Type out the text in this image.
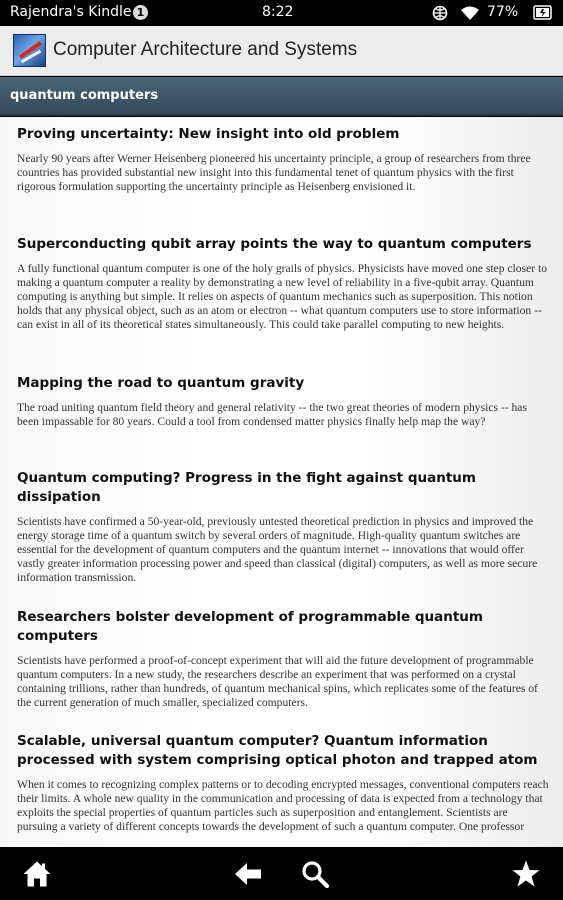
Rajendra's Kindle 1	8:22	77%
Computer Architecture and Systems
quantum computers
Proving uncertainty: New insight into old problem

Nearly 90 years after Werner Heisenberg pioneered his uncertainty principle, a group of researchers from three countries has provided substantial new insight into this fundamental tenet of quantum physics with the first rigorous formulation supporting the uncertainty principle as Heisenberg envisioned it.

Superconducting qubit array points the way to quantum computers

A fully functional quantum computer is one of the holy grails of physics. Physicists have moved one step closer to making a quantum computer a reality by demonstrating a new level of reliability in a five-qubit array. Quantum computing is anything but simple. It relies on aspects of quantum mechanics such as superposition. This notion holds that any physical object, such as an atom or electron -- what quantum computers use to store information -- can exist in all of its theoretical states simultaneously. This could take parallel computing to new heights.

Mapping the road to quantum gravity

The road uniting quantum field theory and general relativity -- the two great theories of modern physics -- has been impassable for 80 years. Could a tool from condensed matter physics finally help map the way?

Quantum computing? Progress in the fight against quantum dissipation

Scientists have confirmed a 50-year-old, previously untested theoretical prediction in physics and improved the energy storage time of a quantum switch by several orders of magnitude. High-quality quantum switches are essential for the development of quantum computers and the quantum internet -- innovations that would offer vastly greater information processing power and speed than classical (digital) computers, as well as more secure information transmission.

Researchers bolster development of programmable quantum computers

Scientists have performed a proof-of-concept experiment that will aid the future development of programmable quantum computers. In a new study, the researchers describe an experiment that was performed on a crystal containing trillions, rather than hundreds, of quantum mechanical spins, which replicates some of the features of the current generation of much smaller, specialized computers.

Scalable, universal quantum computer? Quantum information processed with system comprising optical photon and trapped atom

When it comes to recognizing complex patterns or to decoding encrypted messages, conventional computers reach their limits. A whole new quality in the communication and processing of data is expected from a technology that exploits the special properties of quantum particles such as superposition and entanglement. Scientists are pursuing a variety of different concepts towards the development of such a quantum computer. One professor
